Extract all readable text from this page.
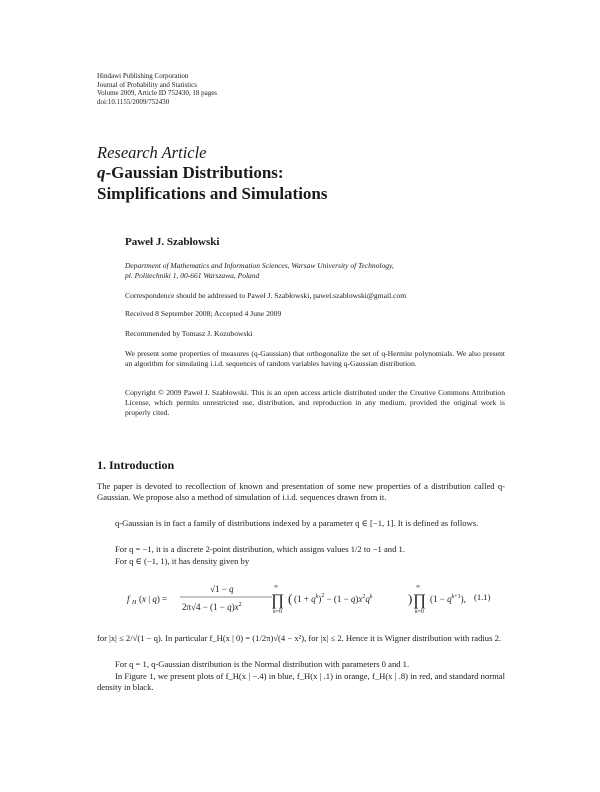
Hindawi Publishing Corporation
Journal of Probability and Statistics
Volume 2009, Article ID 752430, 18 pages
doi:10.1155/2009/752430
Research Article
q-Gaussian Distributions:
Simplifications and Simulations
Paweł J. Szabłowski
Department of Mathematics and Information Sciences, Warsaw University of Technology,
pl. Politechniki 1, 00-661 Warszawa, Poland
Correspondence should be addressed to Paweł J. Szabłowski, pawel.szablowski@gmail.com
Received 8 September 2008; Accepted 4 June 2009
Recommended by Tomasz J. Kozubowski
We present some properties of measures (q-Gaussian) that orthogonalize the set of q-Hermite polynomials. We also present an algorithm for simulating i.i.d. sequences of random variables having q-Gaussian distribution.
Copyright © 2009 Paweł J. Szabłowski. This is an open access article distributed under the Creative Commons Attribution License, which permits unrestricted use, distribution, and reproduction in any medium, provided the original work is properly cited.
1. Introduction
The paper is devoted to recollection of known and presentation of some new properties of a distribution called q-Gaussian. We propose also a method of simulation of i.i.d. sequences drawn from it.
q-Gaussian is in fact a family of distributions indexed by a parameter q ∈ [−1, 1]. It is defined as follows.
For q = −1, it is a discrete 2-point distribution, which assigns values 1/2 to −1 and 1.
For q ∈ (−1, 1), it has density given by
f H (x | q) =
√1 − q
$2\pi√4 - (1 - q)x^2$
∞
∏
k=0
( $(1 + q^k)^2 - (1 - q)x^2q^k$	)
∞
∏
k=0
$(1 - q^{k+1})$, (1.1)
for |x| ≤ 2/√(1 − q). In particular f_H(x | 0) = (1/2π)√(4 − x²), for |x| ≤ 2. Hence it is Wigner distribution with radius 2.
For q = 1, q-Gaussian distribution is the Normal distribution with parameters 0 and 1.
In Figure 1, we present plots of f_H(x | −.4) in blue, f_H(x | .1) in orange, f_H(x | .8) in red, and standard normal density in black.
